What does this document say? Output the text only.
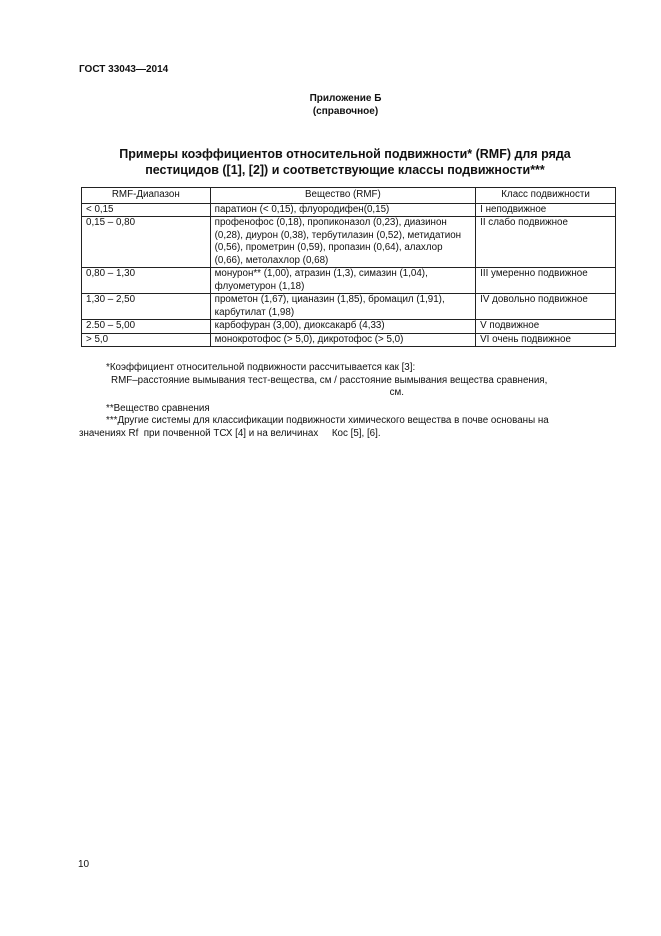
ГОСТ 33043—2014
Приложение Б
(справочное)
Примеры коэффициентов относительной подвижности* (RMF) для ряда
пестицидов ([1], [2]) и соответствующие классы подвижности***
RMF-Диапазон	Вещество (RMF)	Класс подвижности
< 0,15	паратион (< 0,15), флуородифен(0,15)	I неподвижное
0,15 – 0,80	профенофос (0,18), пропиконазол (0,23), диазинон (0,28), диурон (0,38), тербутилазин (0,52), метидатион (0,56), прометрин (0,59), пропазин (0,64), алахлор (0,66), метолахлор (0,68)	II слабо подвижное
0,80 – 1,30	монурон** (1,00), атразин (1,3), симазин (1,04), флуометурон (1,18)	III умеренно подвижное
1,30 – 2,50	прометон (1,67), цианазин (1,85), бромацил (1,91), карбутилат (1,98)	IV довольно подвижное
2.50 – 5,00	карбофуран (3,00), диоксакарб (4,33)	V подвижное
> 5,0	монокротофос (> 5,0), дикротофос (> 5,0)	VI очень подвижное

*Коэффициент относительной подвижности рассчитывается как [3]:

RMF–расстояние вымывания тест-вещества, см / расстояние вымывания вещества сравнения,

см.

**Вещество сравнения

***Другие системы для классификации подвижности химического вещества в почве основаны на

значениях Rf  при почвенной ТСХ [4] и на величинах     Кос [5], [6].

10
